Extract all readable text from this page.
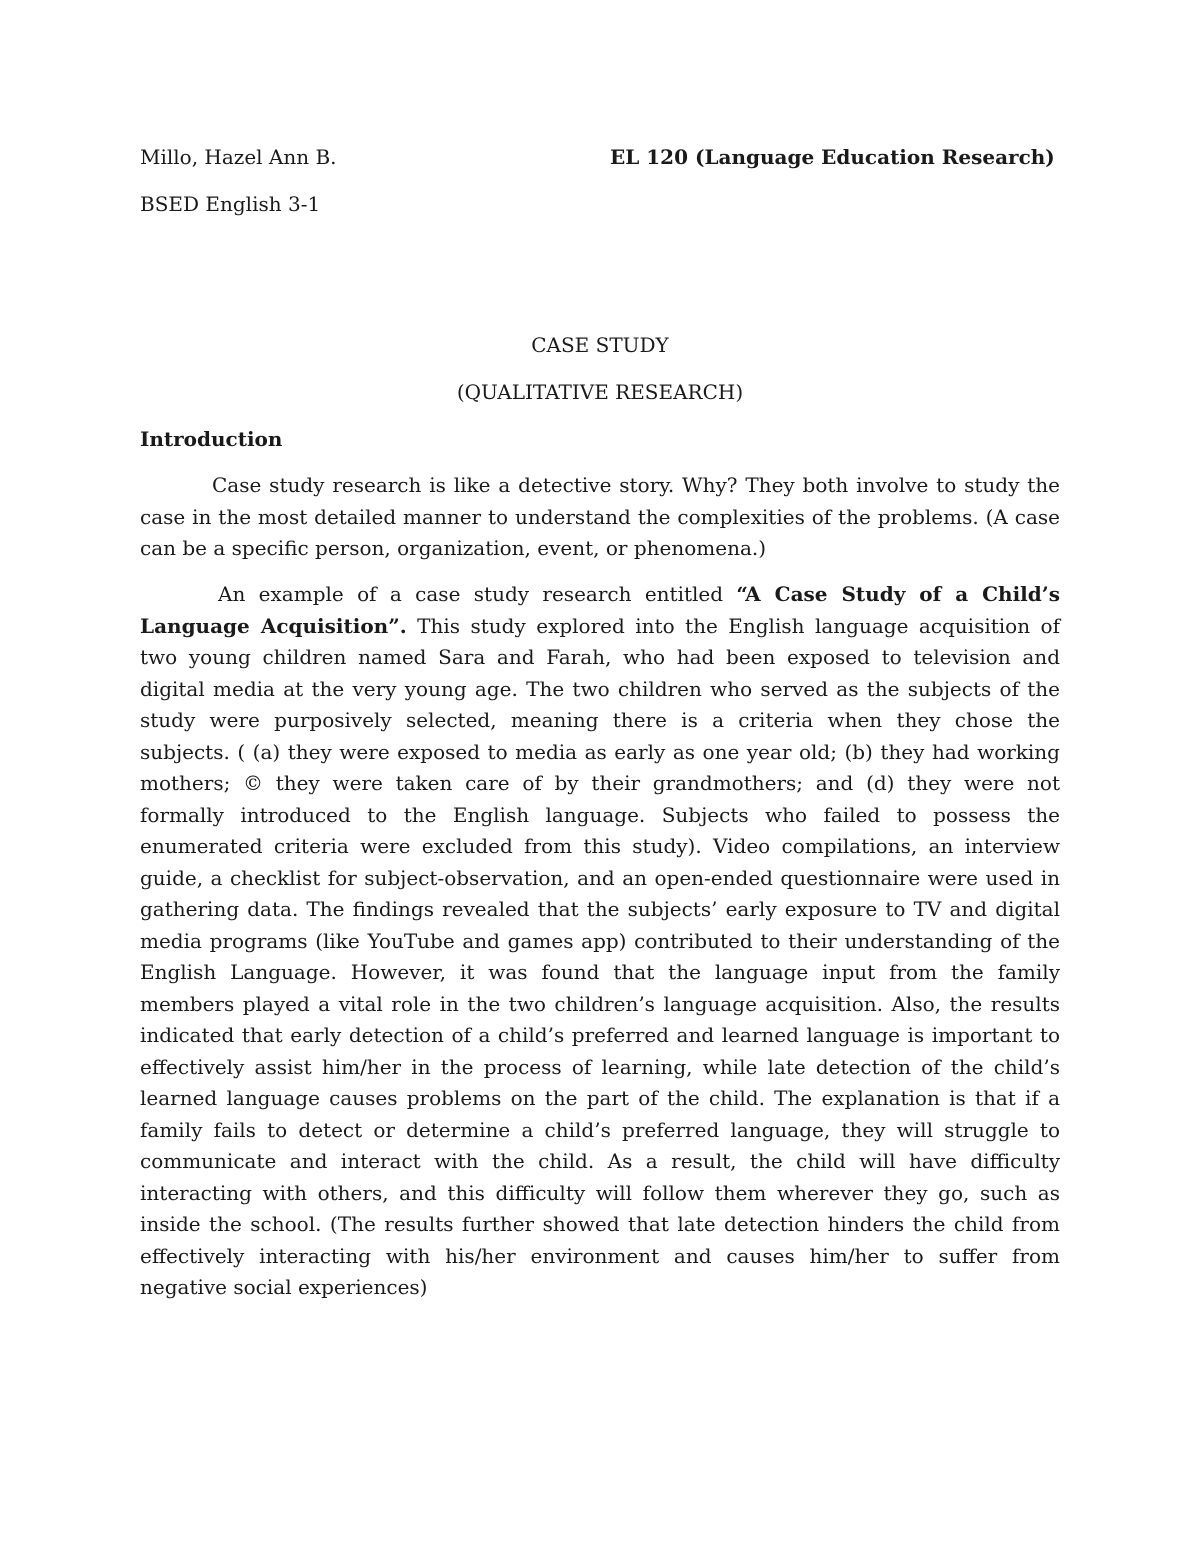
Millo, Hazel Ann B.	EL 120 (Language Education Research)
BSED English 3-1
CASE STUDY
(QUALITATIVE RESEARCH)
Introduction

Case study research is like a detective story. Why? They both involve to study the case in the most detailed manner to understand the complexities of the problems. (A case can be a specific person, organization, event, or phenomena.)

An example of a case study research entitled “A Case Study of a Child’s Language Acquisition”. This study explored into the English language acquisition of two young children named Sara and Farah, who had been exposed to television and digital media at the very young age. The two children who served as the subjects of the study were purposively selected, meaning there is a criteria when they chose the subjects. ( (a) they were exposed to media as early as one year old; (b) they had working mothers; © they were taken care of by their grandmothers; and (d) they were not formally introduced to the English language. Subjects who failed to possess the enumerated criteria were excluded from this study). Video compilations, an interview guide, a checklist for subject-observation, and an open-ended questionnaire were used in gathering data. The findings revealed that the subjects’ early exposure to TV and digital media programs (like YouTube and games app) contributed to their understanding of the English Language. However, it was found that the language input from the family members played a vital role in the two children’s language acquisition. Also, the results indicated that early detection of a child’s preferred and learned language is important to effectively assist him/her in the process of learning, while late detection of the child’s learned language causes problems on the part of the child. The explanation is that if a family fails to detect or determine a child’s preferred language, they will struggle to communicate and interact with the child. As a result, the child will have difficulty interacting with others, and this difficulty will follow them wherever they go, such as inside the school. (The results further showed that late detection hinders the child from effectively interacting with his/her environment and causes him/her to suffer from negative social experiences)
